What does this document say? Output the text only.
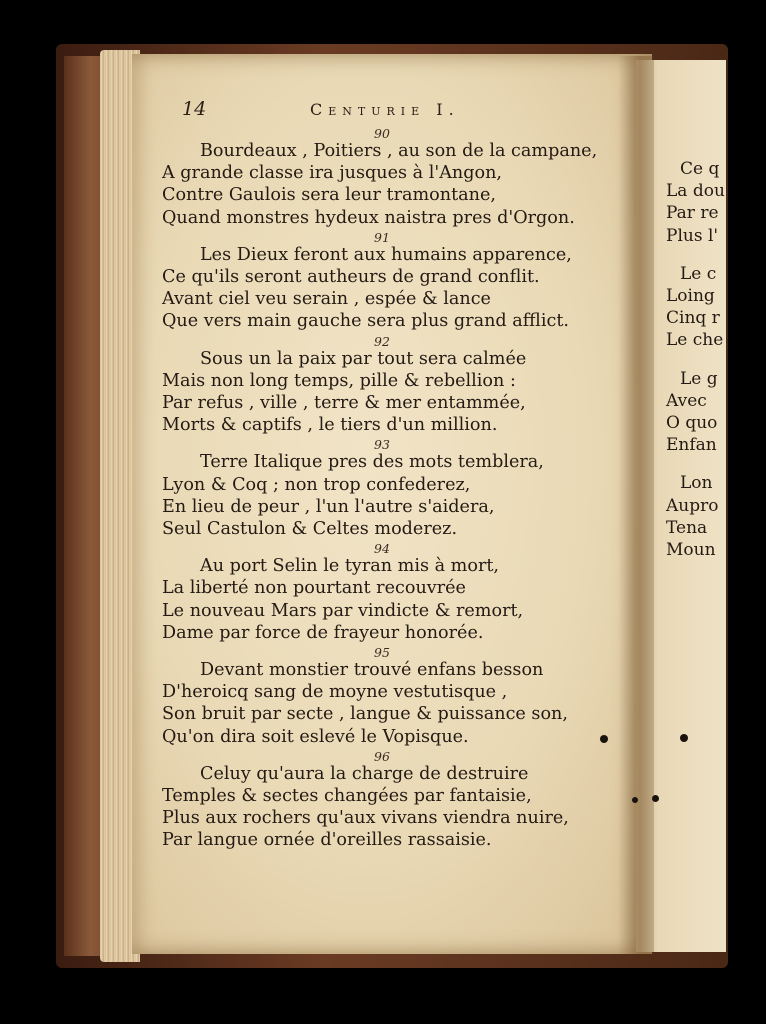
14	Centurie I.
90
Bourdeaux , Poitiers , au son de la campane,
A grande classe ira jusques à l'Angon,
Contre Gaulois sera leur tramontane,
Quand monstres hydeux naistra pres d'Orgon.
91
Les Dieux feront aux humains apparence,
Ce qu'ils seront autheurs de grand conflit.
Avant ciel veu serain , espée & lance
Que vers main gauche sera plus grand afflict.
92
Sous un la paix par tout sera calmée
Mais non long temps, pille & rebellion :
Par refus , ville , terre & mer entammée,
Morts & captifs , le tiers d'un million.
93
Terre Italique pres des mots temblera,
Lyon & Coq ; non trop confederez,
En lieu de peur , l'un l'autre s'aidera,
Seul Castulon & Celtes moderez.
94
Au port Selin le tyran mis à mort,
La liberté non pourtant recouvrée
Le nouveau Mars par vindicte & remort,
Dame par force de frayeur honorée.
95
Devant monstier trouvé enfans besson
D'heroicq sang de moyne vestutisque ,
Son bruit par secte , langue & puissance son,
Qu'on dira soit eslevé le Vopisque.
96
Celuy qu'aura la charge de destruire
Temples & sectes changées par fantaisie,
Plus aux rochers qu'aux vivans viendra nuire,
Par langue ornée d'oreilles rassaisie.
Ce q
La dou
Par re
Plus l'
Le c
Loing
Cinq r
Le che
Le g
Avec
O quo
Enfan
Lon
Aupro
Tena
Moun
